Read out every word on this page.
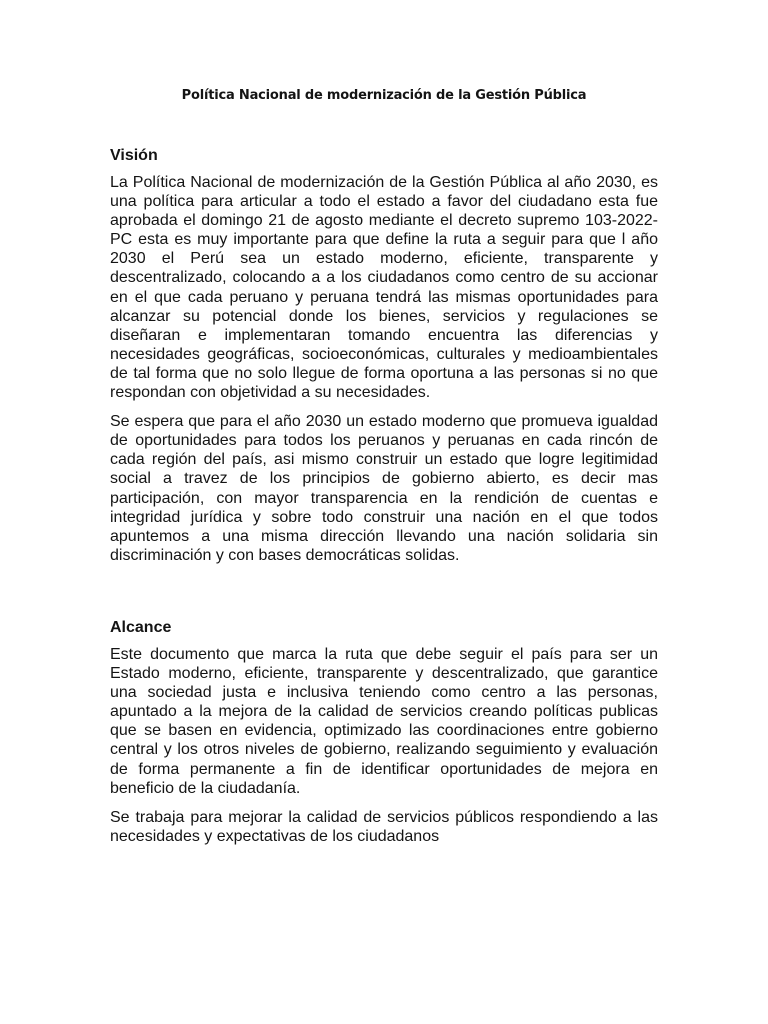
Política Nacional de modernización de la Gestión Pública
Visión

La Política Nacional de modernización de la Gestión Pública al año 2030, es una política para articular a todo el estado a favor del ciudadano esta fue aprobada el domingo 21 de agosto mediante el decreto supremo 103-2022-PC esta es muy importante para que define la ruta a seguir para que l año 2030 el Perú sea un estado moderno, eficiente, transparente y descentralizado, colocando a a los ciudadanos como centro de su accionar en el que cada peruano y peruana tendrá las mismas oportunidades para alcanzar su potencial donde los bienes, servicios y regulaciones se diseñaran e implementaran tomando encuentra las diferencias y necesidades geográficas, socioeconómicas, culturales y medioambientales de tal forma que no solo llegue de forma oportuna a las personas si no que respondan con objetividad a su necesidades.

Se espera que para el año 2030 un estado moderno que promueva igualdad de oportunidades para todos los peruanos y peruanas en cada rincón de cada región del país, asi mismo construir un estado que logre legitimidad social a travez de los principios de gobierno abierto, es decir mas participación, con mayor transparencia en la rendición de cuentas e integridad jurídica y sobre todo construir una nación en el que todos apuntemos a una misma dirección llevando una nación solidaria sin discriminación y con bases democráticas solidas.

Alcance

Este documento que marca la ruta que debe seguir el país para ser un Estado moderno, eficiente, transparente y descentralizado, que garantice una sociedad justa e inclusiva teniendo como centro a las personas, apuntado a la mejora de la calidad de servicios creando políticas publicas que se basen en evidencia, optimizado las coordinaciones entre gobierno central y los otros niveles de gobierno, realizando seguimiento y evaluación de forma permanente a fin de identificar oportunidades de mejora en beneficio de la ciudadanía.

Se trabaja para mejorar la calidad de servicios públicos respondiendo a las necesidades y expectativas de los ciudadanos
